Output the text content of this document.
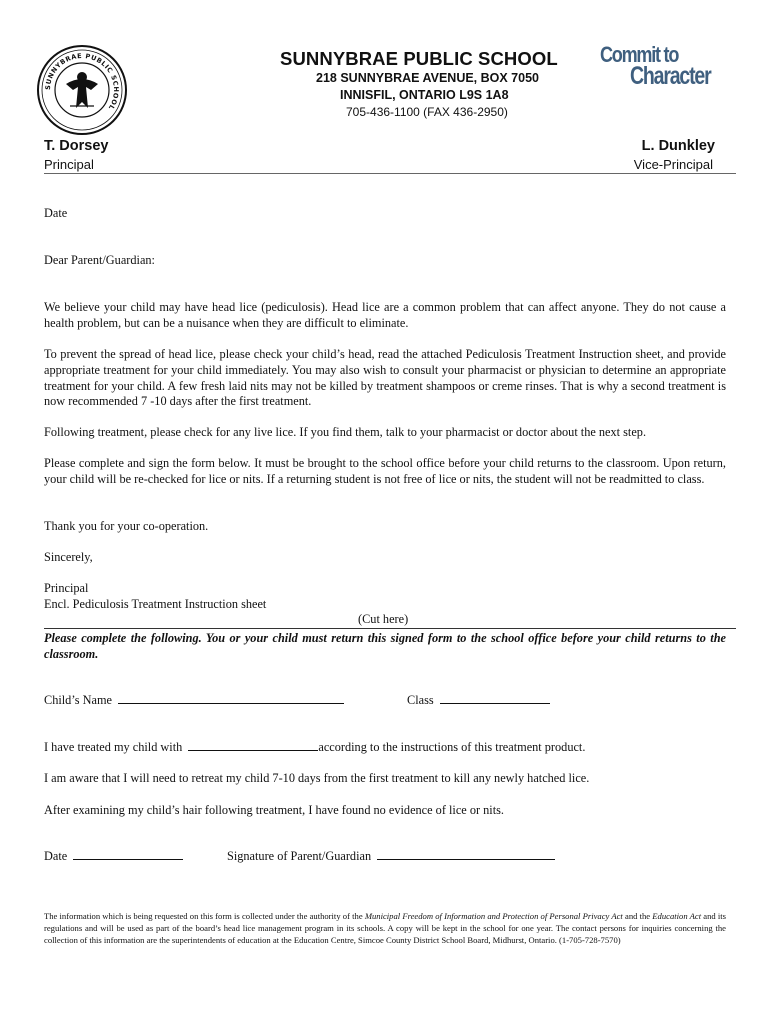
SUNNYBRAE PUBLIC SCHOOL
SUNNYBRAE PUBLIC SCHOOL
218 SUNNYBRAE AVENUE, BOX 7050
INNISFIL, ONTARIO L9S 1A8
705-436-1100 (FAX 436-2950)
Commit to
Character
T. Dorsey
Principal
L. Dunkley
Vice-Principal
Date
Dear Parent/Guardian:
We believe your child may have head lice (pediculosis). Head lice are a common problem that can affect anyone. They do not cause a health problem, but can be a nuisance when they are difficult to eliminate.
To prevent the spread of head lice, please check your child’s head, read the attached Pediculosis Treatment Instruction sheet, and provide appropriate treatment for your child immediately. You may also wish to consult your pharmacist or physician to determine an appropriate treatment for your child. A few fresh laid nits may not be killed by treatment shampoos or creme rinses. That is why a second treatment is now recommended 7 -10 days after the first treatment.
Following treatment, please check for any live lice. If you find them, talk to your pharmacist or doctor about the next step.
Please complete and sign the form below. It must be brought to the school office before your child returns to the classroom. Upon return, your child will be re-checked for lice or nits. If a returning student is not free of lice or nits, the student will not be readmitted to class.
Thank you for your co-operation.
Sincerely,
Principal
Encl. Pediculosis Treatment Instruction sheet
(Cut here)
Please complete the following. You or your child must return this signed form to the school office before your child returns to the classroom.
Child’s Name	Class
I have treated my child with	according to the instructions of this treatment product.
I am aware that I will need to retreat my child 7-10 days from the first treatment to kill any newly hatched lice.
After examining my child’s hair following treatment, I have found no evidence of lice or nits.
Date	Signature of Parent/Guardian
The information which is being requested on this form is collected under the authority of the Municipal Freedom of Information and Protection of Personal Privacy Act and the Education Act and its regulations and will be used as part of the board’s head lice management program in its schools. A copy will be kept in the school for one year. The contact persons for inquiries concerning the collection of this information are the superintendents of education at the Education Centre, Simcoe County District School Board, Midhurst, Ontario. (1-705-728-7570)
